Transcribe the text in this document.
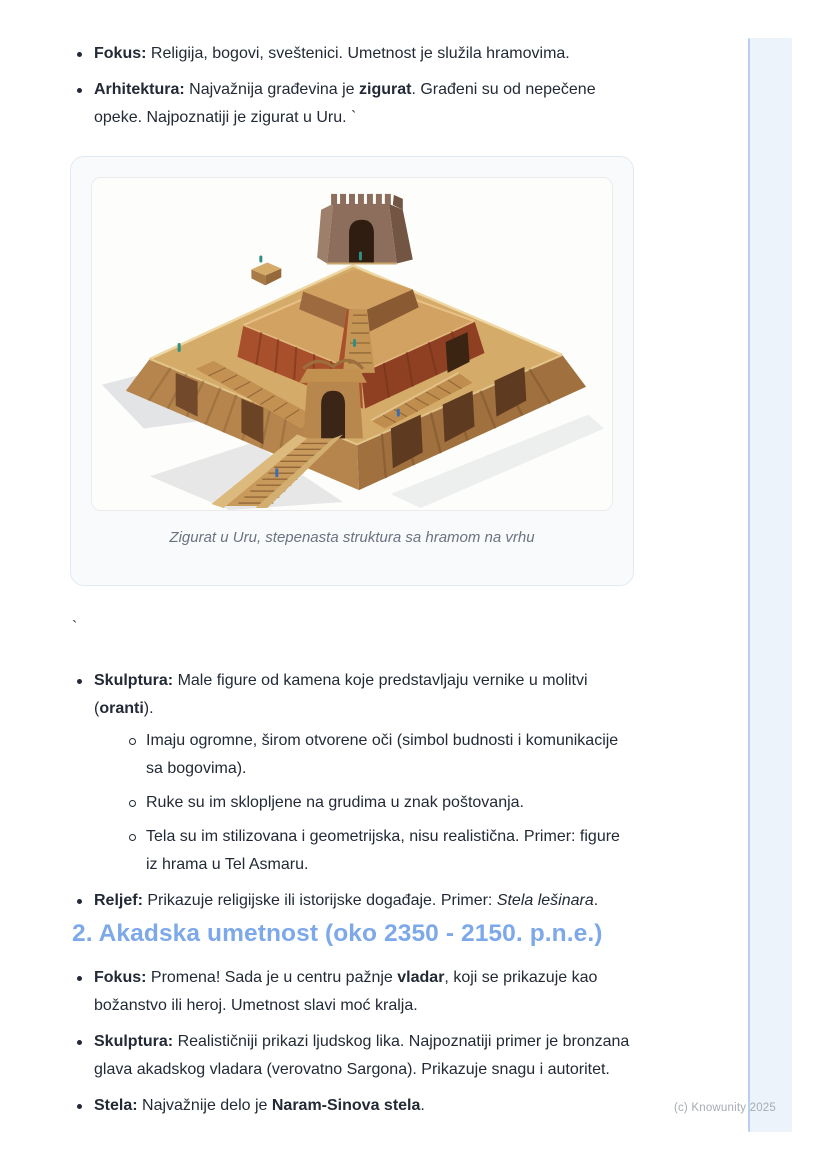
Fokus: Religija, bogovi, sveštenici. Umetnost je služila hramovima.
Arhitektura: Najvažnija građevina je zigurat. Građeni su od nepečene opeke. Najpoznatiji je zigurat u Uru. `
Zigurat u Uru, stepenasta struktura sa hramom na vrhu
`
Skulptura: Male figure od kamena koje predstavljaju vernike u molitvi (oranti).
Imaju ogromne, širom otvorene oči (simbol budnosti i komunikacije sa bogovima).
Ruke su im sklopljene na grudima u znak poštovanja.
Tela su im stilizovana i geometrijska, nisu realistična. Primer: figure iz hrama u Tel Asmaru.
Reljef: Prikazuje religijske ili istorijske događaje. Primer: Stela lešinara.
2. Akadska umetnost (oko 2350 - 2150. p.n.e.)
Fokus: Promena! Sada je u centru pažnje vladar, koji se prikazuje kao božanstvo ili heroj. Umetnost slavi moć kralja.
Skulptura: Realističniji prikazi ljudskog lika. Najpoznatiji primer je bronzana glava akadskog vladara (verovatno Sargona). Prikazuje snagu i autoritet.
Stela: Najvažnije delo je Naram-Sinova stela.	(c) Knowunity 2025
